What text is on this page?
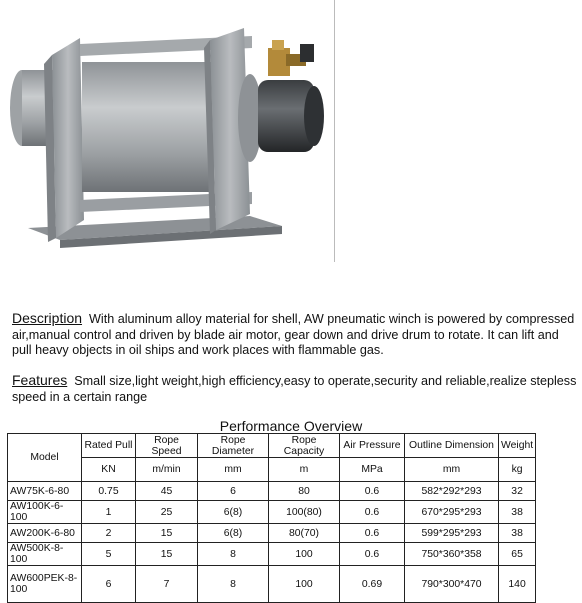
Description With aluminum alloy material for shell, AW pneumatic winch is powered by compressed air,manual control and driven by blade air motor, gear down and drive drum to rotate. It can lift and pull heavy objects in oil ships and work places with flammable gas.
Features Small size,light weight,high efficiency,easy to operate,security and reliable,realize stepless speed in a certain range
Performance Overview
Model	Rated Pull	Rope Speed	Rope Diameter	Rope Capacity	Air Pressure	Outline Dimension	Weight
	KN	m/min	mm	m	MPa	mm	kg
AW75K-6-80	0.75	45	6	80	0.6	582*292*293	32
AW100K-6-100	1	25	6(8)	100(80)	0.6	670*295*293	38
AW200K-6-80	2	15	6(8)	80(70)	0.6	599*295*293	38
AW500K-8-100	5	15	8	100	0.6	750*360*358	65
AW600PEK-8-100	6	7	8	100	0.69	790*300*470	140
